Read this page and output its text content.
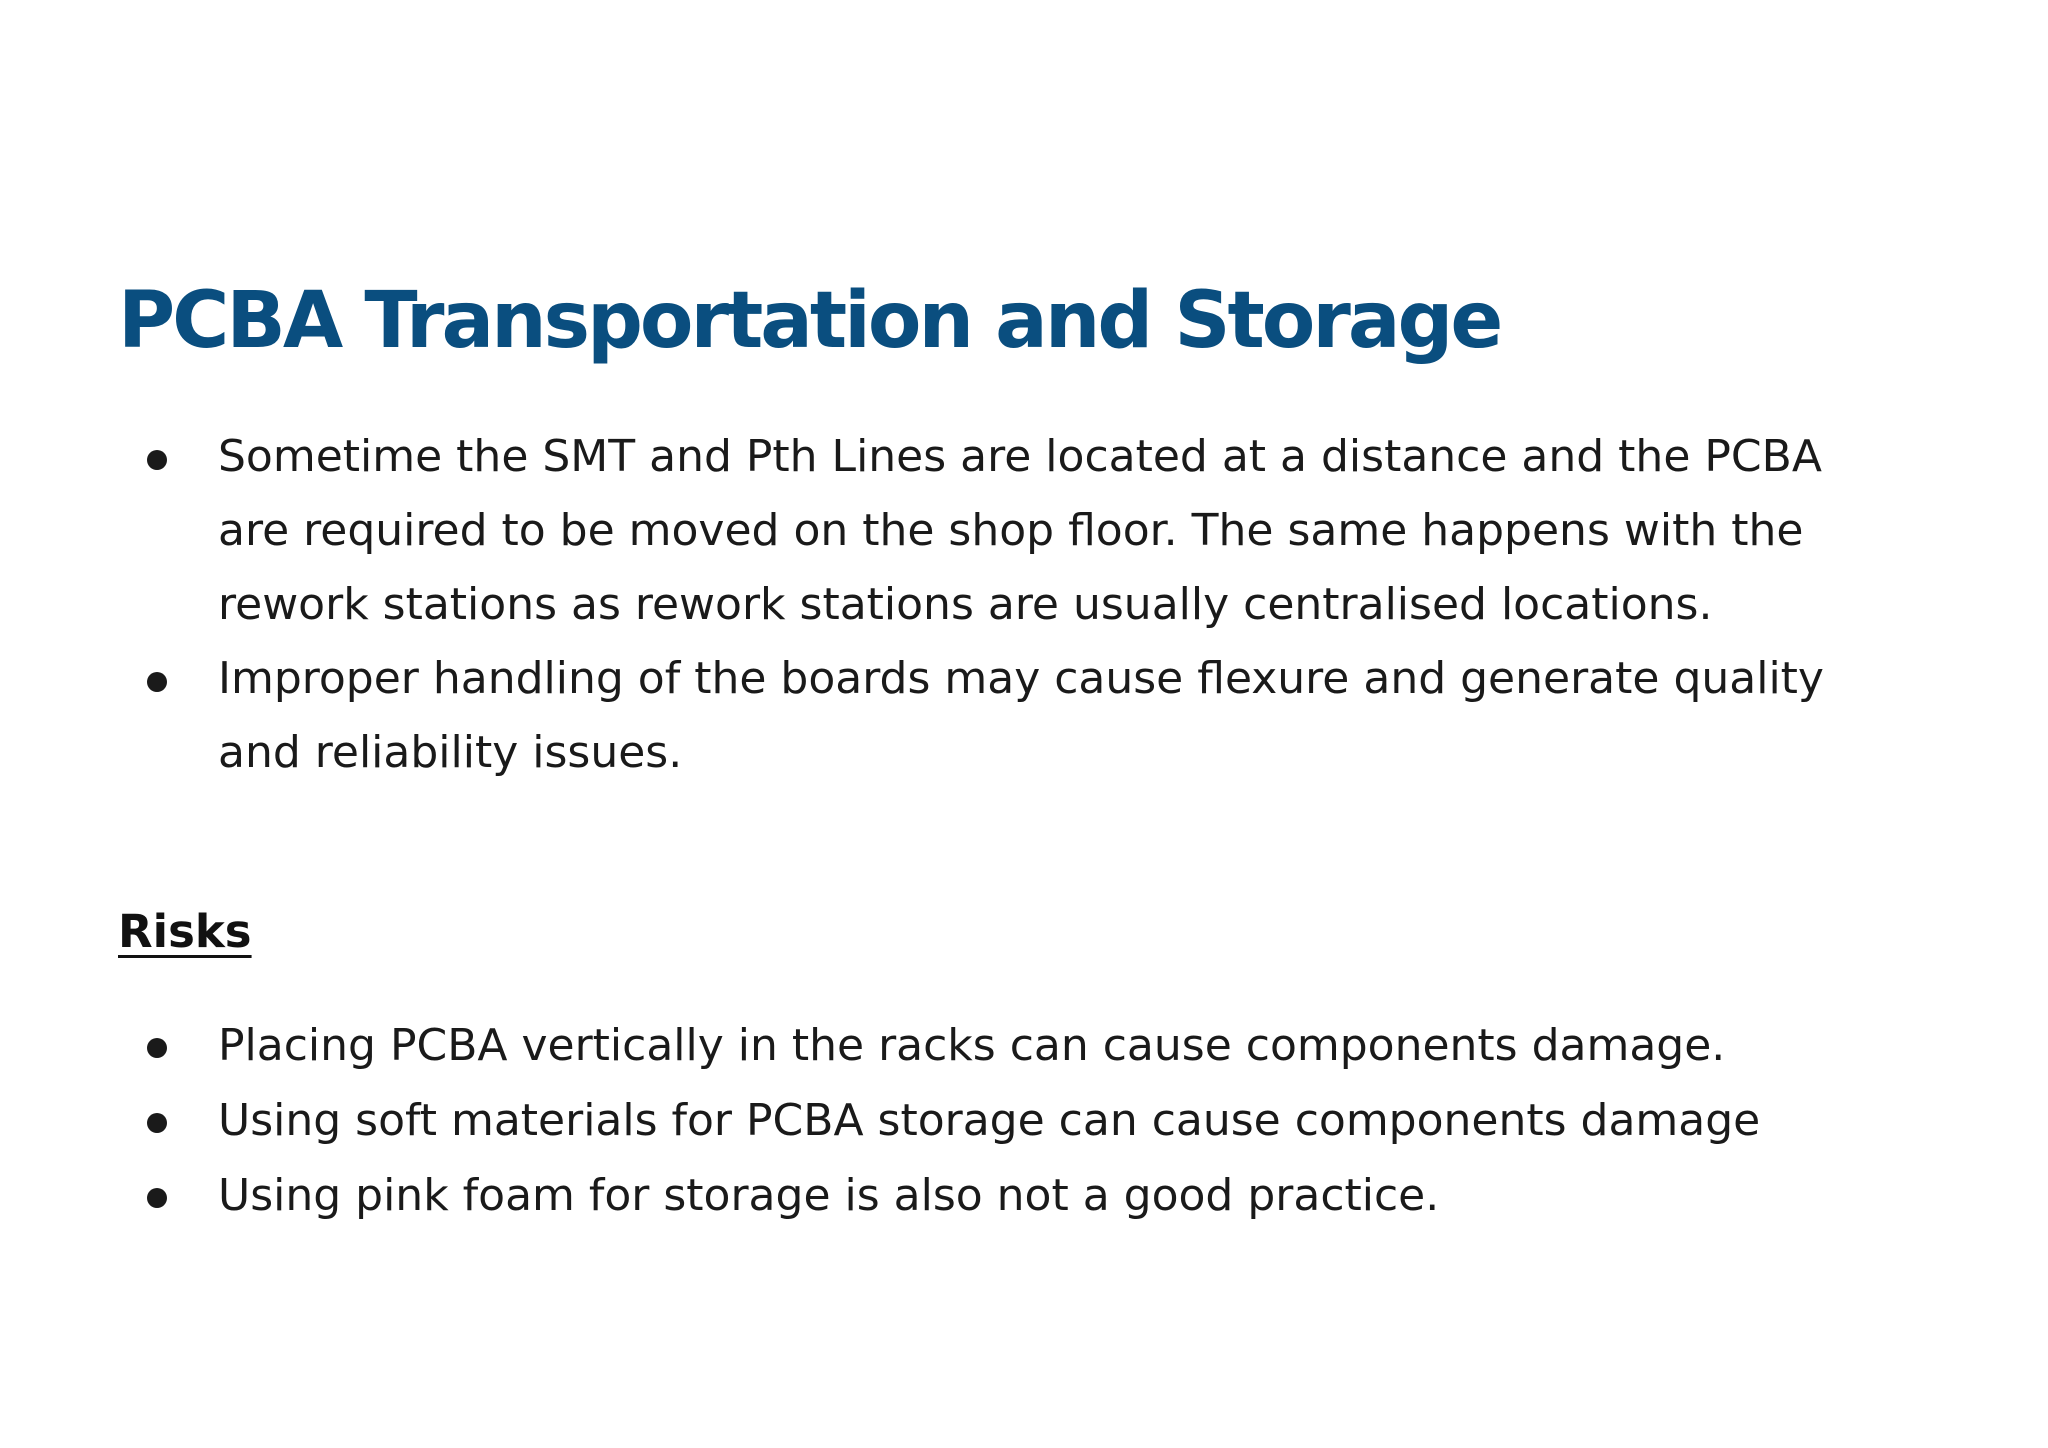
PCBA Transportation and Storage
Sometime the SMT and Pth Lines are located at a distance and the PCBA are required to be moved on the shop floor. The same happens with the rework stations as rework stations are usually centralised locations.
Improper handling of the boards may cause flexure and generate quality and reliability issues.
Risks
Placing PCBA vertically in the racks can cause components damage.
Using soft materials for PCBA storage can cause components damage
Using pink foam for storage is also not a good practice.
